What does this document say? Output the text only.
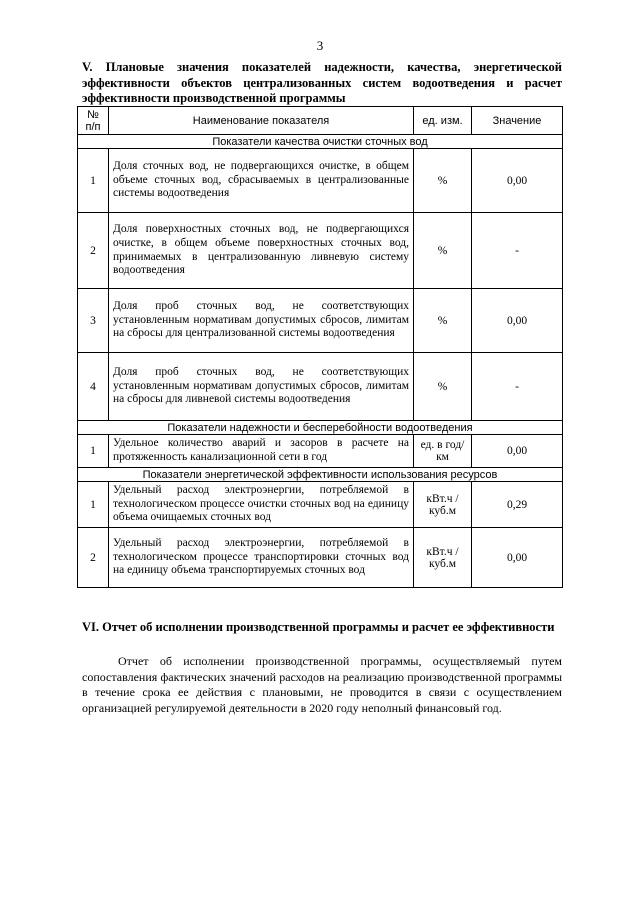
3
V. Плановые значения показателей надежности, качества, энергетической эффективности объектов централизованных систем водоотведения и расчет эффективности производственной программы
№ п/п	Наименование показателя	ед. изм.	Значение
Показатели качества очистки сточных вод			
1	Доля сточных вод, не подвергающихся очистке, в общем объеме сточных вод, сбрасываемых в централизованные системы водоотведения	%	0,00
2	Доля поверхностных сточных вод, не подвергающихся очистке, в общем объеме поверхностных сточных вод, принимаемых в централизованную ливневую систему водоотведения	%	-
3	Доля проб сточных вод, не соответствующих установленным нормативам допустимых сбросов, лимитам на сбросы для централизованной системы водоотведения	%	0,00
4	Доля проб сточных вод, не соответствующих установленным нормативам допустимых сбросов, лимитам на сбросы для ливневой системы водоотведения	%	-
Показатели надежности и бесперебойности водоотведения			
1	Удельное количество аварий и засоров в расчете на протяженность канализационной сети в год	ед. в год/ км	0,00
Показатели энергетической эффективности использования ресурсов			
1	Удельный расход электроэнергии, потребляемой в технологическом процессе очистки сточных вод на единицу объема очищаемых сточных вод	кВт.ч / куб.м	0,29
2	Удельный расход электроэнергии, потребляемой в технологическом процессе транспортировки сточных вод на единицу объема транспортируемых сточных вод	кВт.ч / куб.м	0,00
VI. Отчет об исполнении производственной программы и расчет ее эффективности
Отчет об исполнении производственной программы, осуществляемый путем сопоставления фактических значений расходов на реализацию производственной программы в течение срока ее действия с плановыми, не проводится в связи с осуществлением организацией регулируемой деятельности в 2020 году неполный финансовый год.
